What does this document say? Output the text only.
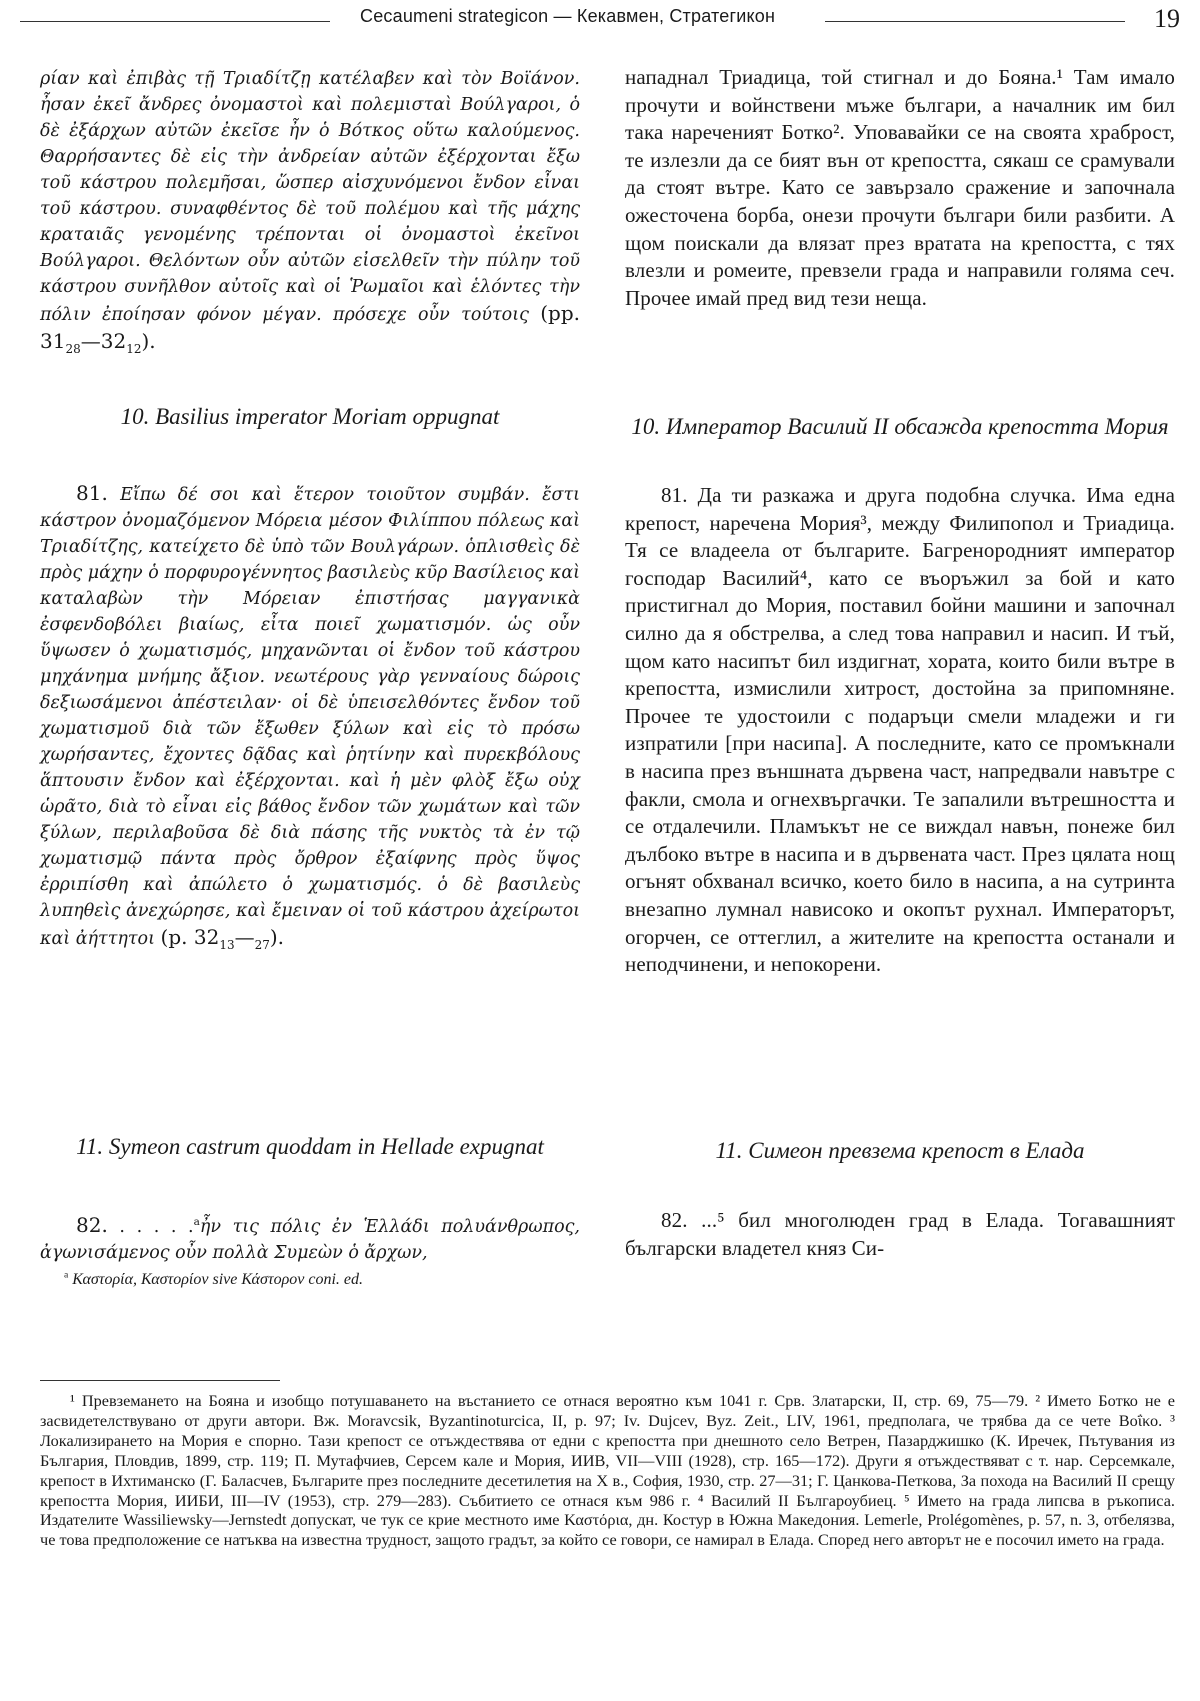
Cecaumeni strategicon — Кекавмен, Стратегикон	19

ρίαν καὶ ἐπιβὰς τῇ Τριαδίτζῃ κατέλαβεν καὶ τὸν Βοϊάνον. ἦσαν ἐκεῖ ἄνδρες ὀνομαστοὶ καὶ πολεμισταὶ Βούλγαροι, ὁ δὲ ἐξάρχων αὐτῶν ἐκεῖσε ἦν ὁ Βότκος οὕτω καλούμενος. Θαρρήσαντες δὲ εἰς τὴν ἀνδρείαν αὐτῶν ἐξέρχονται ἔξω τοῦ κάστρου πολεμῆσαι, ὥσπερ αἰσχυνόμενοι ἔνδον εἶναι τοῦ κάστρου. συναφθέντος δὲ τοῦ πολέμου καὶ τῆς μάχης κραταιᾶς γενομένης τρέπονται οἱ ὀνομαστοὶ ἐκεῖνοι Βούλγαροι. Θελόντων οὖν αὐτῶν εἰσελθεῖν τὴν πύλην τοῦ κάστρου συνῆλθον αὐτοῖς καὶ οἱ Ῥωμαῖοι καὶ ἑλόντες τὴν πόλιν ἐποίησαν φόνον μέγαν. πρόσεχε οὖν τούτοις (pp. $31_{28}—32_{12}$).

10. Basilius imperator Moriam oppugnat

81. Εἴπω δέ σοι καὶ ἕτερον τοιοῦτον συμβάν. ἔστι κάστρον ὀνομαζόμενον Μόρεια μέσον Φιλίππου πόλεως καὶ Τριαδίτζης, κατείχετο δὲ ὑπὸ τῶν Βουλγάρων. ὁπλισθεὶς δὲ πρὸς μάχην ὁ πορφυρογέννητος βασιλεὺς κῦρ Βασίλειος καὶ καταλαβὼν τὴν Μόρειαν ἐπιστήσας μαγγανικὰ ἐσφενδοβόλει βιαίως, εἶτα ποιεῖ χωματισμόν. ὡς οὖν ὕψωσεν ὁ χωματισμός, μηχανῶνται οἱ ἔνδον τοῦ κάστρου μηχάνημα μνήμης ἄξιον. νεωτέρους γὰρ γενναίους δώροις δεξιωσάμενοι ἀπέστειλαν· οἱ δὲ ὑπεισελθόντες ἔνδον τοῦ χωματισμοῦ διὰ τῶν ἔξωθεν ξύλων καὶ εἰς τὸ πρόσω χωρήσαντες, ἔχοντες δᾷδας καὶ ῥητίνην καὶ πυρεκβόλους ἅπτουσιν ἔνδον καὶ ἐξέρχονται. καὶ ἡ μὲν φλὸξ ἔξω οὐχ ὡρᾶτο, διὰ τὸ εἶναι εἰς βάθος ἔνδον τῶν χωμάτων καὶ τῶν ξύλων, περιλαβοῦσα δὲ διὰ πάσης τῆς νυκτὸς τὰ ἐν τῷ χωματισμῷ πάντα πρὸς ὄρθρον ἐξαίφνης πρὸς ὕψος ἐρριπίσθη καὶ ἀπώλετο ὁ χωματισμός. ὁ δὲ βασιλεὺς λυπηθεὶς ἀνεχώρησε, καὶ ἔμειναν οἱ τοῦ κάστρου ἀχείρωτοι καὶ ἀήττητοι (p. $32_{13}—_{27}$).

11. Symeon castrum quoddam in Hellade expugnat

82. . . . . .$^a$ἦν τις πόλις ἐν Ἑλλάδι πολυάνθρωπος, ἀγωνισάμενος οὖν πολλὰ Συμεὼν ὁ ἄρχων,

$^a$ Καστορία, Καστορίον sive Κάστορον coni. ed.
нападнал Триадица, той стигнал и до Бояна.¹ Там имало прочути и войнствени мъже българи, а началник им бил така нареченият Ботко². Уповавайки се на своята храброст, те излезли да се бият вън от крепостта, сякаш се срамували да стоят вътре. Като се завързало сражение и започнала ожесточена борба, онези прочути българи били разбити. А щом поискали да влязат през вратата на крепостта, с тях влезли и ромеите, превзели града и направили голяма сеч. Прочее имай пред вид тези неща.
10. Император Василий II обсажда крепостта Мория

81. Да ти разкажа и друга подобна случка. Има една крепост, наречена Мория³, между Филипопол и Триадица. Тя се владеела от българите. Багренородният император господар Василий⁴, като се въоръжил за бой и като пристигнал до Мория, поставил бойни машини и започнал силно да я обстрелва, а след това направил и насип. И тъй, щом като насипът бил издигнат, хората, които били вътре в крепостта, измислили хитрост, достойна за припомняне. Прочее те удостоили с подаръци смели младежи и ги изпратили [при насипа]. А последните, като се промъкнали в насипа през външната дървена част, напредвали навътре с факли, смола и огнехвъргачки. Те запалили вътрешността и се отдалечили. Пламъкът не се виждал навън, понеже бил дълбоко вътре в насипа и в дървената част. През цялата нощ огънят обхванал всичко, което било в насипа, а на сутринта внезапно лумнал нависоко и окопът рухнал. Императорът, огорчен, се оттеглил, а жителите на крепостта останали и неподчинени, и непокорени.

11. Симеон превзема крепост в Елада

82. ...⁵ бил многолюден град в Елада. Тогавашният български владетел княз Си-

¹ Превземането на Бояна и изобщо потушаването на въстанието се отнася вероятно към 1041 г. Срв. Златарски, II, стр. 69, 75—79. ² Името Ботко не е засвидетелствувано от други автори. Вж. Moravcsik, Byzantinoturcica, II, p. 97; Iv. Dujcev, Byz. Zeit., LIV, 1961, предполага, че трябва да се чете Βοΐκο. ³ Локализирането на Мория е спорно. Тази крепост се отъждествява от едни с крепостта при днешното село Ветрен, Пазарджишко (К. Иречек, Пътувания из България, Пловдив, 1899, стр. 119; П. Мутафчиев, Серсем кале и Мория, ИИВ, VII—VIII (1928), стр. 165—172). Други я отъждествяват с т. нар. Серсемкале, крепост в Ихтиманско (Г. Баласчев, Българите през последните десетилетия на X в., София, 1930, стр. 27—31; Г. Цанкова-Петкова, За похода на Василий II срещу крепостта Мория, ИИБИ, III—IV (1953), стр. 279—283). Събитието се отнася към 986 г. ⁴ Василий II Българоубиец. ⁵ Името на града липсва в ръкописа. Издателите Wassiliewsky—Jernstedt допускат, че тук се крие местното име Καστόρια, дн. Костур в Южна Македония. Lemerle, Prolégomènes, p. 57, n. 3, отбелязва, че това предположение се натъква на известна трудност, защото градът, за който се говори, се намирал в Елада. Според него авторът не е посочил името на града.
